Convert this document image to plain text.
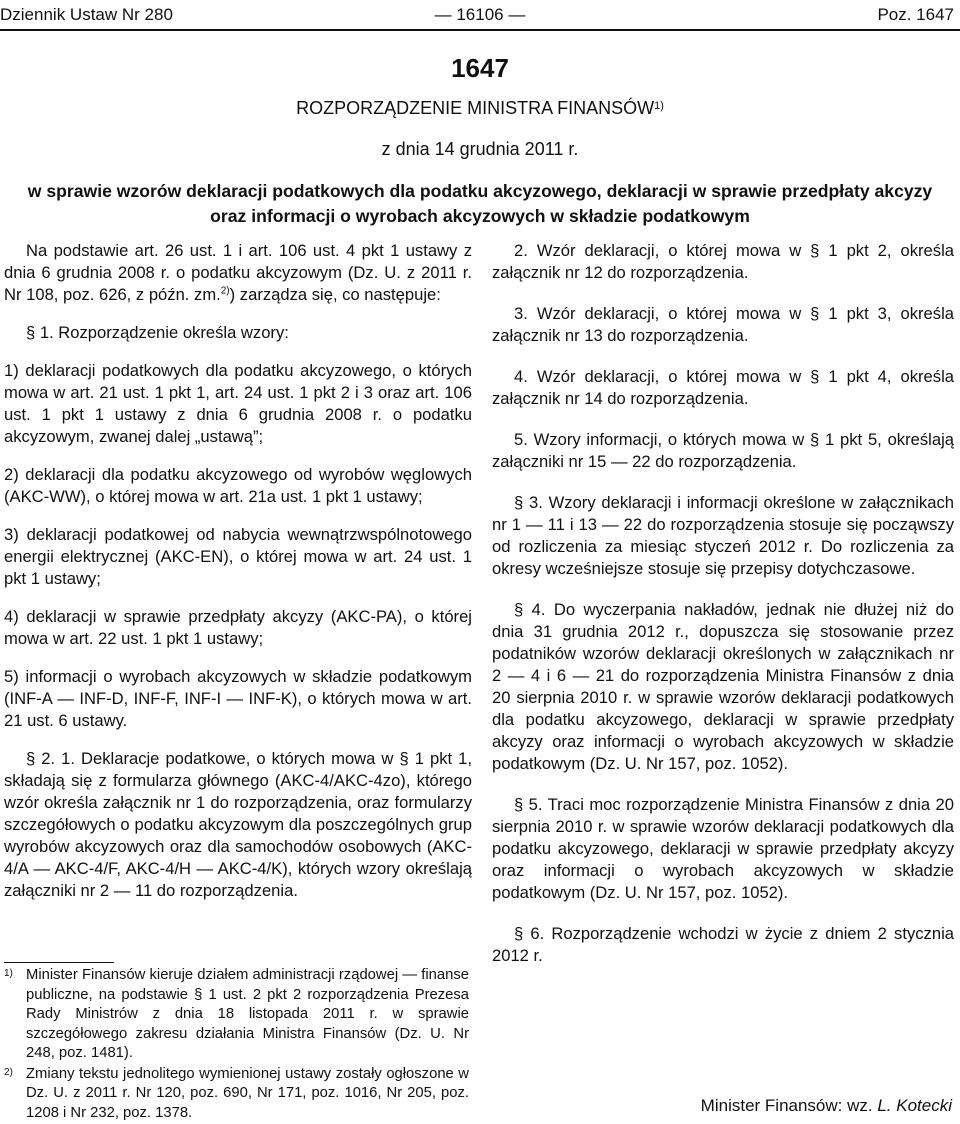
Dziennik Ustaw Nr 280	— 16106 —	Poz. 1647
1647
ROZPORZĄDZENIE MINISTRA FINANSÓW$^{1)}$
z dnia 14 grudnia 2011 r.
w sprawie wzorów deklaracji podatkowych dla podatku akcyzowego, deklaracji w sprawie przedpłaty akcyzy
oraz informacji o wyrobach akcyzowych w składzie podatkowym

Na podstawie art. 26 ust. 1 i art. 106 ust. 4 pkt 1 ustawy z dnia 6 grudnia 2008 r. o podatku akcyzowym (Dz. U. z 2011 r. Nr 108, poz. 626, z późn. zm.$^{2)}$) zarządza się, co następuje:

§ 1. Rozporządzenie określa wzory:

1) deklaracji podatkowych dla podatku akcyzowego, o których mowa w art. 21 ust. 1 pkt 1, art. 24 ust. 1 pkt 2 i 3 oraz art. 106 ust. 1 pkt 1 ustawy z dnia 6 grudnia 2008 r. o podatku akcyzowym, zwanej dalej „ustawą”;

2) deklaracji dla podatku akcyzowego od wyrobów węglowych (AKC-WW), o której mowa w art. 21a ust. 1 pkt 1 ustawy;

3) deklaracji podatkowej od nabycia wewnątrzwspólnotowego energii elektrycznej (AKC-EN), o której mowa w art. 24 ust. 1 pkt 1 ustawy;

4) deklaracji w sprawie przedpłaty akcyzy (AKC-PA), o której mowa w art. 22 ust. 1 pkt 1 ustawy;

5) informacji o wyrobach akcyzowych w składzie podatkowym (INF-A — INF-D, INF-F, INF-I — INF-K), o których mowa w art. 21 ust. 6 ustawy.

§ 2. 1. Deklaracje podatkowe, o których mowa w § 1 pkt 1, składają się z formularza głównego (AKC-4/AKC-4zo), którego wzór określa załącznik nr 1 do rozporządzenia, oraz formularzy szczegółowych o podatku akcyzowym dla poszczególnych grup wyrobów akcyzowych oraz dla samochodów osobowych (AKC-4/A — AKC-4/F, AKC-4/H — AKC-4/K), których wzory określają załączniki nr 2 — 11 do rozporządzenia.

1) Minister Finansów kieruje działem administracji rządowej — finanse publiczne, na podstawie § 1 ust. 2 pkt 2 rozporządzenia Prezesa Rady Ministrów z dnia 18 listopada 2011 r. w sprawie szczegółowego zakresu działania Ministra Finansów (Dz. U. Nr 248, poz. 1481).
2) Zmiany tekstu jednolitego wymienionej ustawy zostały ogłoszone w Dz. U. z 2011 r. Nr 120, poz. 690, Nr 171, poz. 1016, Nr 205, poz. 1208 i Nr 232, poz. 1378.

2. Wzór deklaracji, o której mowa w § 1 pkt 2, określa załącznik nr 12 do rozporządzenia.

3. Wzór deklaracji, o której mowa w § 1 pkt 3, określa załącznik nr 13 do rozporządzenia.

4. Wzór deklaracji, o której mowa w § 1 pkt 4, określa załącznik nr 14 do rozporządzenia.

5. Wzory informacji, o których mowa w § 1 pkt 5, określają załączniki nr 15 — 22 do rozporządzenia.

§ 3. Wzory deklaracji i informacji określone w załącznikach nr 1 — 11 i 13 — 22 do rozporządzenia stosuje się począwszy od rozliczenia za miesiąc styczeń 2012 r. Do rozliczenia za okresy wcześniejsze stosuje się przepisy dotychczasowe.

§ 4. Do wyczerpania nakładów, jednak nie dłużej niż do dnia 31 grudnia 2012 r., dopuszcza się stosowanie przez podatników wzorów deklaracji określonych w załącznikach nr 2 — 4 i 6 — 21 do rozporządzenia Ministra Finansów z dnia 20 sierpnia 2010 r. w sprawie wzorów deklaracji podatkowych dla podatku akcyzowego, deklaracji w sprawie przedpłaty akcyzy oraz informacji o wyrobach akcyzowych w składzie podatkowym (Dz. U. Nr 157, poz. 1052).

§ 5. Traci moc rozporządzenie Ministra Finansów z dnia 20 sierpnia 2010 r. w sprawie wzorów deklaracji podatkowych dla podatku akcyzowego, deklaracji w sprawie przedpłaty akcyzy oraz informacji o wyrobach akcyzowych w składzie podatkowym (Dz. U. Nr 157, poz. 1052).

§ 6. Rozporządzenie wchodzi w życie z dniem 2 stycznia 2012 r.

Minister Finansów: wz. L. Kotecki
